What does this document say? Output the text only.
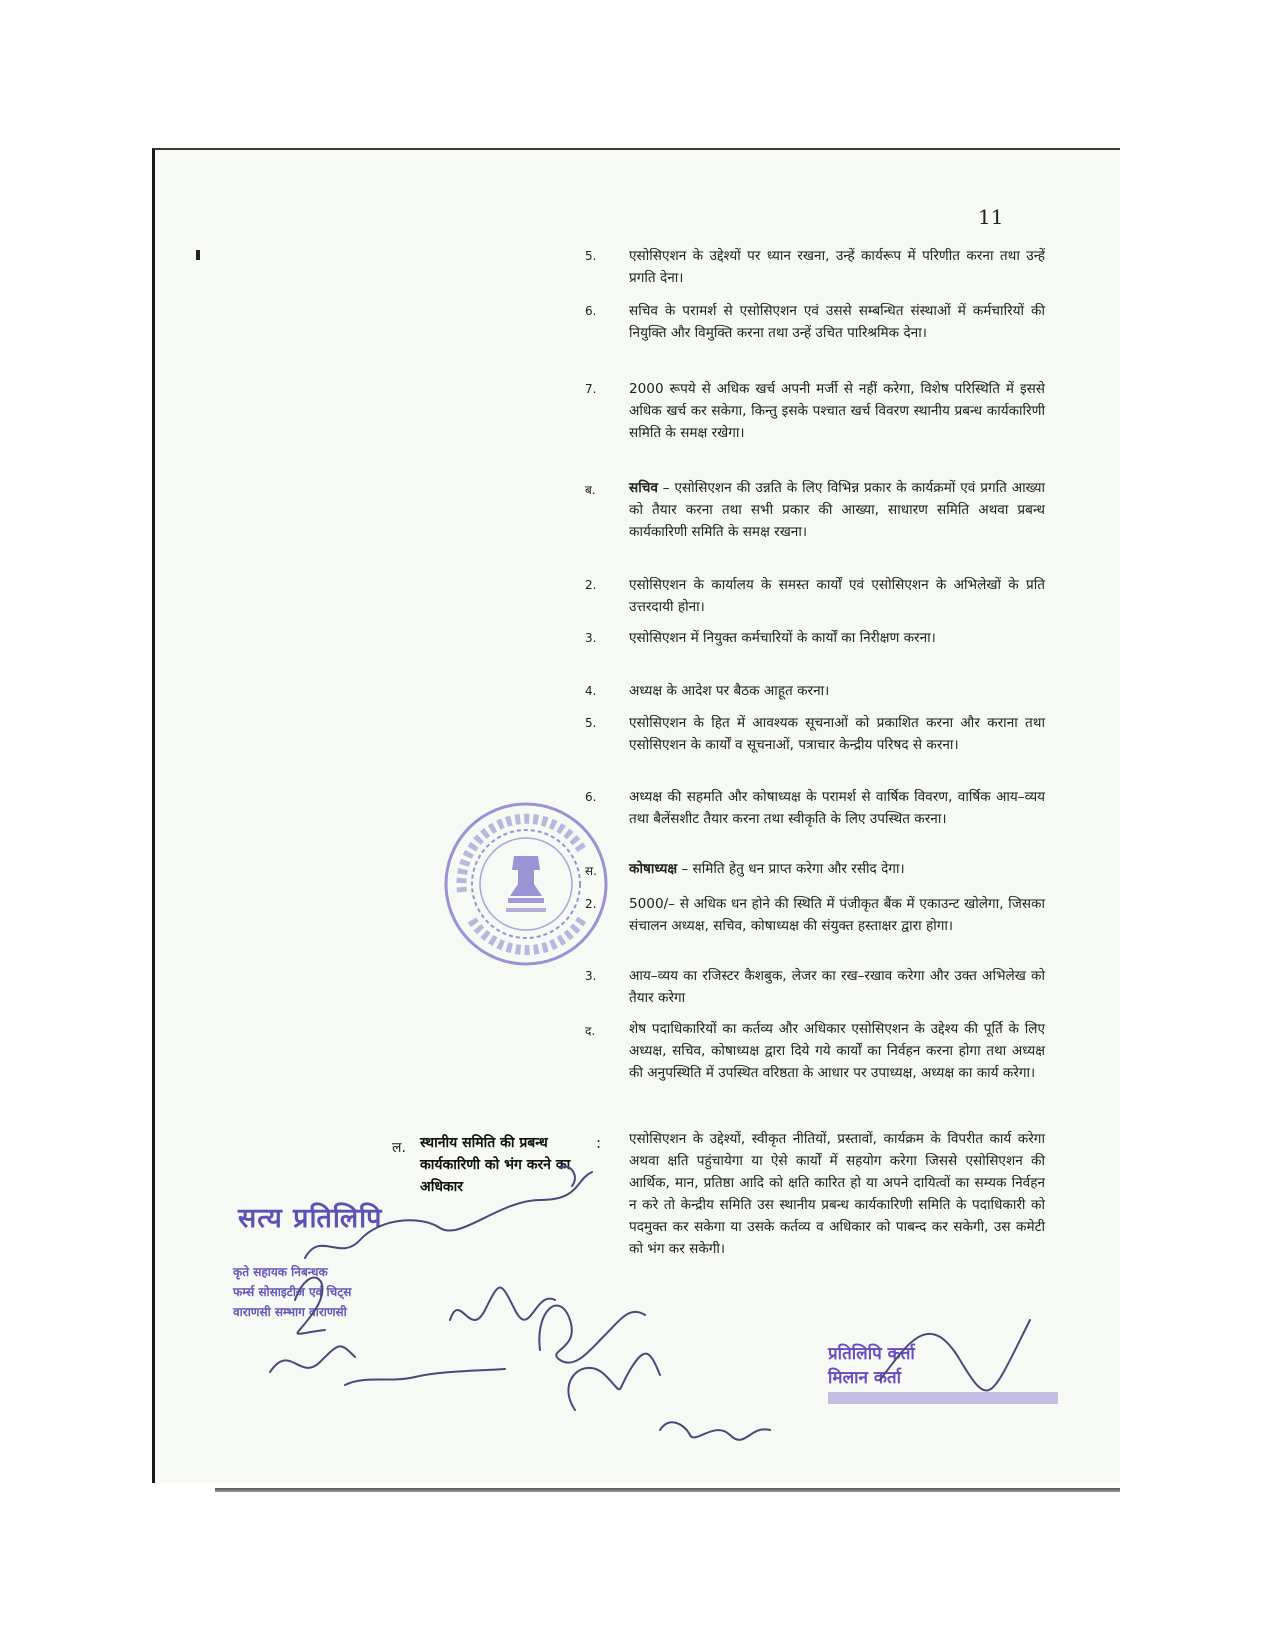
11
5.	एसोसिएशन के उद्देश्यों पर ध्यान रखना, उन्हें कार्यरूप में परिणीत करना तथा उन्हें प्रगति देना।
6.	सचिव के परामर्श से एसोसिएशन एवं उससे सम्बन्धित संस्थाओं में कर्मचारियों की नियुक्ति और विमुक्ति करना तथा उन्हें उचित पारिश्रमिक देना।
7.	2000 रूपये से अधिक खर्च अपनी मर्जी से नहीं करेगा, विशेष परिस्थिति में इससे अधिक खर्च कर सकेगा, किन्तु इसके पश्चात खर्च विवरण स्थानीय प्रबन्ध कार्यकारिणी समिति के समक्ष रखेगा।
ब.	सचिव – एसोसिएशन की उन्नति के लिए विभिन्न प्रकार के कार्यक्रमों एवं प्रगति आख्या को तैयार करना तथा सभी प्रकार की आख्या, साधारण समिति अथवा प्रबन्ध कार्यकारिणी समिति के समक्ष रखना।
2.	एसोसिएशन के कार्यालय के समस्त कार्यों एवं एसोसिएशन के अभिलेखों के प्रति उत्तरदायी होना।
3.	एसोसिएशन में नियुक्त कर्मचारियों के कार्यों का निरीक्षण करना।
4.	अध्यक्ष के आदेश पर बैठक आहूत करना।
5.	एसोसिएशन के हित में आवश्यक सूचनाओं को प्रकाशित करना और कराना तथा एसोसिएशन के कार्यों व सूचनाओं, पत्राचार केन्द्रीय परिषद से करना।
6.	अध्यक्ष की सहमति और कोषाध्यक्ष के परामर्श से वार्षिक विवरण, वार्षिक आय–व्यय तथा बैलेंसशीट तैयार करना तथा स्वीकृति के लिए उपस्थित करना।
स.	कोषाध्यक्ष – समिति हेतु धन प्राप्त करेगा और रसीद देगा।
2.	5000/– से अधिक धन होने की स्थिति में पंजीकृत बैंक में एकाउन्ट खोलेगा, जिसका संचालन अध्यक्ष, सचिव, कोषाध्यक्ष की संयुक्त हस्ताक्षर द्वारा होगा।
3.	आय–व्यय का रजिस्टर कैशबुक, लेजर का रख–रखाव करेगा और उक्त अभिलेख को तैयार करेगा
द.	शेष पदाधिकारियों का कर्तव्य और अधिकार एसोसिएशन के उद्देश्य की पूर्ति के लिए अध्यक्ष, सचिव, कोषाध्यक्ष द्वारा दिये गये कार्यों का निर्वहन करना होगा तथा अध्यक्ष की अनुपस्थिति में उपस्थित वरिष्ठता के आधार पर उपाध्यक्ष, अध्यक्ष का कार्य करेगा।
ल.	स्थानीय समिति की प्रबन्ध कार्यकारिणी को भंग करने का अधिकार
: एसोसिएशन के उद्देश्यों, स्वीकृत नीतियों, प्रस्तावों, कार्यक्रम के विपरीत कार्य करेगा अथवा क्षति पहुंचायेगा या ऐसे कार्यों में सहयोग करेगा जिससे एसोसिएशन की आर्थिक, मान, प्रतिष्ठा आदि को क्षति कारित हो या अपने दायित्वों का सम्यक निर्वहन न करे तो केन्द्रीय समिति उस स्थानीय प्रबन्ध कार्यकारिणी समिति के पदाधिकारी को पदमुक्त कर सकेगा या उसके कर्तव्य व अधिकार को पाबन्द कर सकेगी, उस कमेटी को भंग कर सकेगी।
सत्य प्रतिलिपि
कृते सहायक निबन्धक
फर्म्स सोसाइटीज एवं चिट्स
वाराणसी सम्भाग वाराणसी
प्रतिलिपि कर्ता
मिलान कर्ता
